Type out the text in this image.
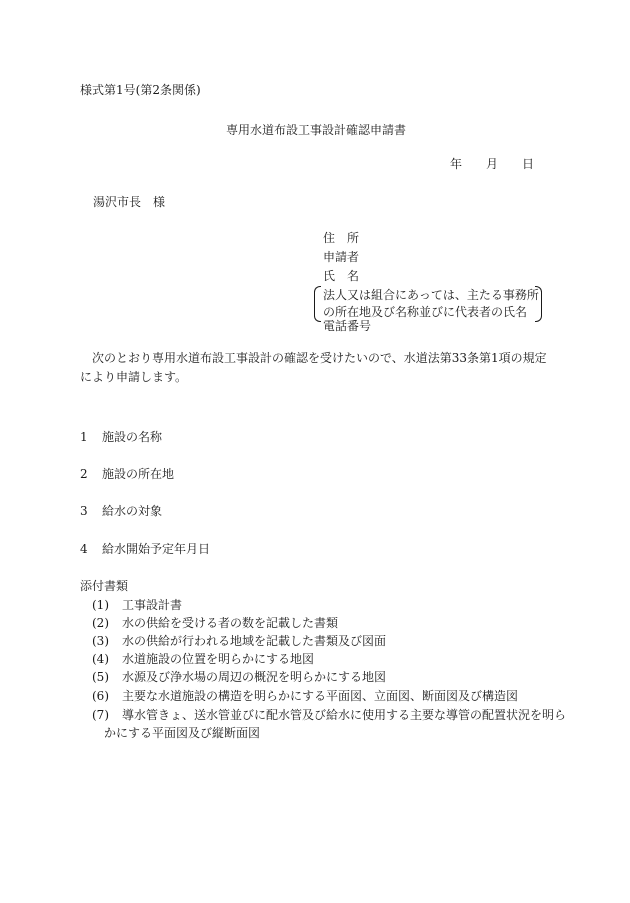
様式第1号(第2条関係)
専用水道布設工事設計確認申請書
年 月 日
湯沢市長　様
住　所
申請者
氏　名
法人又は組合にあっては、主たる事務所
の所在地及び名称並びに代表者の氏名
電話番号
次のとおり専用水道布設工事設計の確認を受けたいので、水道法第33条第1項の規定により申請します。
1 施設の名称
2 施設の所在地
3 給水の対象
4 給水開始予定年月日
添付書類
(1) 工事設計書
(2) 水の供給を受ける者の数を記載した書類
(3) 水の供給が行われる地域を記載した書類及び図面
(4) 水道施設の位置を明らかにする地図
(5) 水源及び浄水場の周辺の概況を明らかにする地図
(6) 主要な水道施設の構造を明らかにする平面図、立面図、断面図及び構造図
(7) 導水管きょ、送水管並びに配水管及び給水に使用する主要な導管の配置状況を明ら
かにする平面図及び縦断面図
